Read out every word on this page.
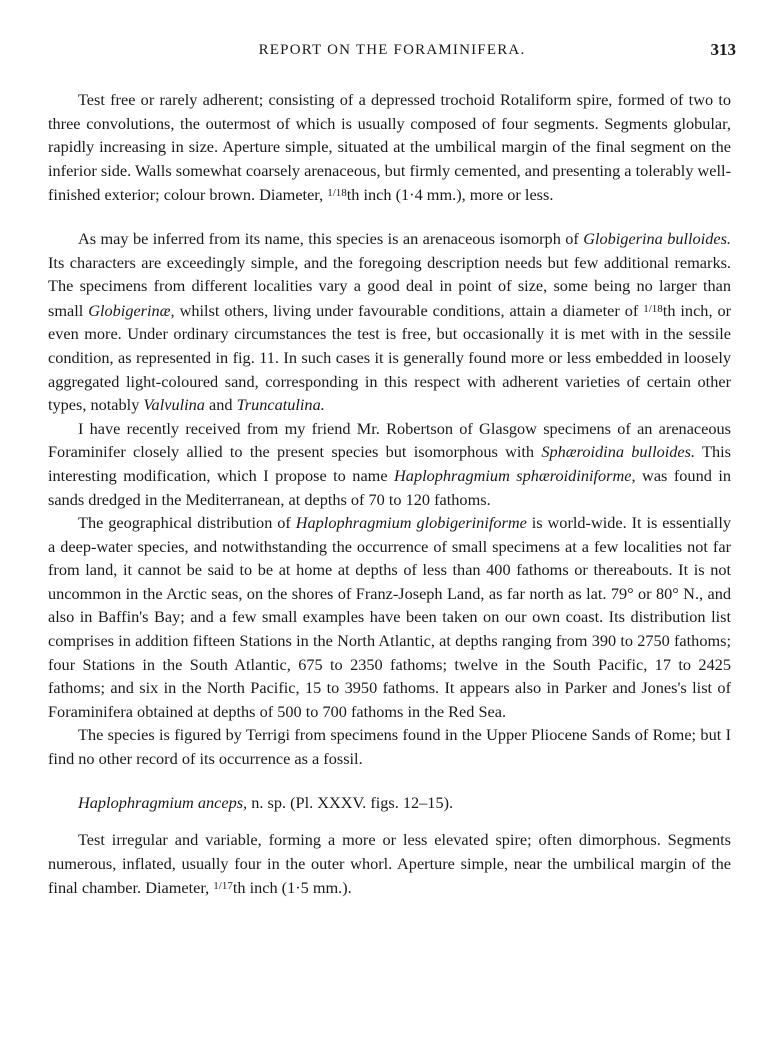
REPORT ON THE FORAMINIFERA.	313

Test free or rarely adherent; consisting of a depressed trochoid Rotaliform spire, formed of two to three convolutions, the outermost of which is usually composed of four segments. Segments globular, rapidly increasing in size. Aperture simple, situated at the umbilical margin of the final segment on the inferior side. Walls somewhat coarsely arenaceous, but firmly cemented, and presenting a tolerably well-finished exterior; colour brown. Diameter, $^{1/18}$th inch (1·4 mm.), more or less.

As may be inferred from its name, this species is an arenaceous isomorph of Globigerina bulloides. Its characters are exceedingly simple, and the foregoing description needs but few additional remarks. The specimens from different localities vary a good deal in point of size, some being no larger than small Globigerinæ, whilst others, living under favourable conditions, attain a diameter of $^{1/18}$th inch, or even more. Under ordinary circumstances the test is free, but occasionally it is met with in the sessile condition, as represented in fig. 11. In such cases it is generally found more or less embedded in loosely aggregated light-coloured sand, corresponding in this respect with adherent varieties of certain other types, notably Valvulina and Truncatulina.

I have recently received from my friend Mr. Robertson of Glasgow specimens of an arenaceous Foraminifer closely allied to the present species but isomorphous with Sphæroidina bulloides. This interesting modification, which I propose to name Haplophragmium sphæroidiniforme, was found in sands dredged in the Mediterranean, at depths of 70 to 120 fathoms.

The geographical distribution of Haplophragmium globigeriniforme is world-wide. It is essentially a deep-water species, and notwithstanding the occurrence of small specimens at a few localities not far from land, it cannot be said to be at home at depths of less than 400 fathoms or thereabouts. It is not uncommon in the Arctic seas, on the shores of Franz-Joseph Land, as far north as lat. 79° or 80° N., and also in Baffin's Bay; and a few small examples have been taken on our own coast. Its distribution list comprises in addition fifteen Stations in the North Atlantic, at depths ranging from 390 to 2750 fathoms; four Stations in the South Atlantic, 675 to 2350 fathoms; twelve in the South Pacific, 17 to 2425 fathoms; and six in the North Pacific, 15 to 3950 fathoms. It appears also in Parker and Jones's list of Foraminifera obtained at depths of 500 to 700 fathoms in the Red Sea.

The species is figured by Terrigi from specimens found in the Upper Pliocene Sands of Rome; but I find no other record of its occurrence as a fossil.

Haplophragmium anceps, n. sp. (Pl. XXXV. figs. 12–15).

Test irregular and variable, forming a more or less elevated spire; often dimorphous. Segments numerous, inflated, usually four in the outer whorl. Aperture simple, near the umbilical margin of the final chamber. Diameter, $^{1/17}$th inch (1·5 mm.).
